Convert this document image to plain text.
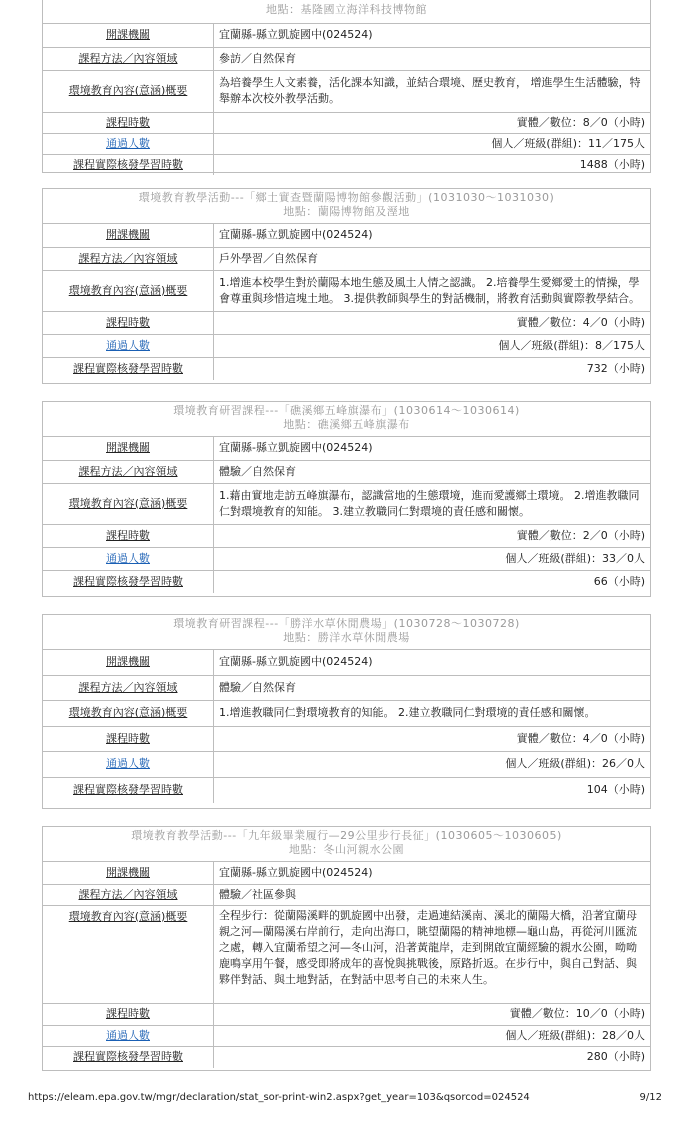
地點：基隆國立海洋科技博物館
開課機關	宜蘭縣-縣立凱旋國中(024524)
課程方法／內容領域	參訪／自然保育
環境教育內容(意涵)概要	為培養學生人文素養，活化課本知識，並結合環境、歷史教育， 增進學生生活體驗，特舉辦本次校外教學活動。
課程時數	實體／數位：8／0（小時)
通過人數	個人／班級(群組)：11／175人
課程實際核發學習時數	1488（小時)
環境教育教學活動---「鄉土實查暨蘭陽博物館參觀活動」(1031030～1031030)
地點：蘭陽博物館及溼地
開課機關	宜蘭縣-縣立凱旋國中(024524)
課程方法／內容領域	戶外學習／自然保育
環境教育內容(意涵)概要	1.增進本校學生對於蘭陽本地生態及風土人情之認識。 2.培養學生愛鄉愛土的情操，學會尊重與珍惜這塊土地。 3.提供教師與學生的對話機制，將教育活動與實際教學結合。
課程時數	實體／數位：4／0（小時)
通過人數	個人／班級(群組)：8／175人
課程實際核發學習時數	732（小時)
環境教育研習課程---「礁溪鄉五峰旗瀑布」(1030614～1030614)
地點：礁溪鄉五峰旗瀑布
開課機關	宜蘭縣-縣立凱旋國中(024524)
課程方法／內容領域	體驗／自然保育
環境教育內容(意涵)概要	1.藉由實地走訪五峰旗瀑布，認識當地的生態環境，進而愛護鄉土環境。 2.增進教職同仁對環境教育的知能。 3.建立教職同仁對環境的責任感和關懷。
課程時數	實體／數位：2／0（小時)
通過人數	個人／班級(群組)：33／0人
課程實際核發學習時數	66（小時)
環境教育研習課程---「勝洋水草休閒農場」(1030728～1030728)
地點：勝洋水草休閒農場
開課機關	宜蘭縣-縣立凱旋國中(024524)
課程方法／內容領域	體驗／自然保育
環境教育內容(意涵)概要	1.增進教職同仁對環境教育的知能。 2.建立教職同仁對環境的責任感和關懷。
課程時數	實體／數位：4／0（小時)
通過人數	個人／班級(群組)：26／0人
課程實際核發學習時數	104（小時)
環境教育教學活動---「九年級畢業履行—29公里步行長征」(1030605～1030605)
地點：冬山河親水公園
開課機關	宜蘭縣-縣立凱旋國中(024524)
課程方法／內容領域	體驗／社區參與
環境教育內容(意涵)概要	全程步行：從蘭陽溪畔的凱旋國中出發，走過連結溪南、溪北的蘭陽大橋，沿著宜蘭母親之河—蘭陽溪右岸前行，走向出海口，眺望蘭陽的精神地標—龜山島，再從河川匯流之處，轉入宜蘭希望之河—冬山河，沿著黃龍岸，走到開啟宜蘭經驗的親水公園，呦呦鹿鳴享用午餐，感受即將成年的喜悅與挑戰後，原路折返。在步行中，與自己對話、與夥伴對話、與土地對話，在對話中思考自己的未來人生。
課程時數	實體／數位：10／0（小時)
通過人數	個人／班級(群組)：28／0人
課程實際核發學習時數	280（小時)
https://eleam.epa.gov.tw/mgr/declaration/stat_sor-print-win2.aspx?get_year=103&qsorcod=024524	9/12
